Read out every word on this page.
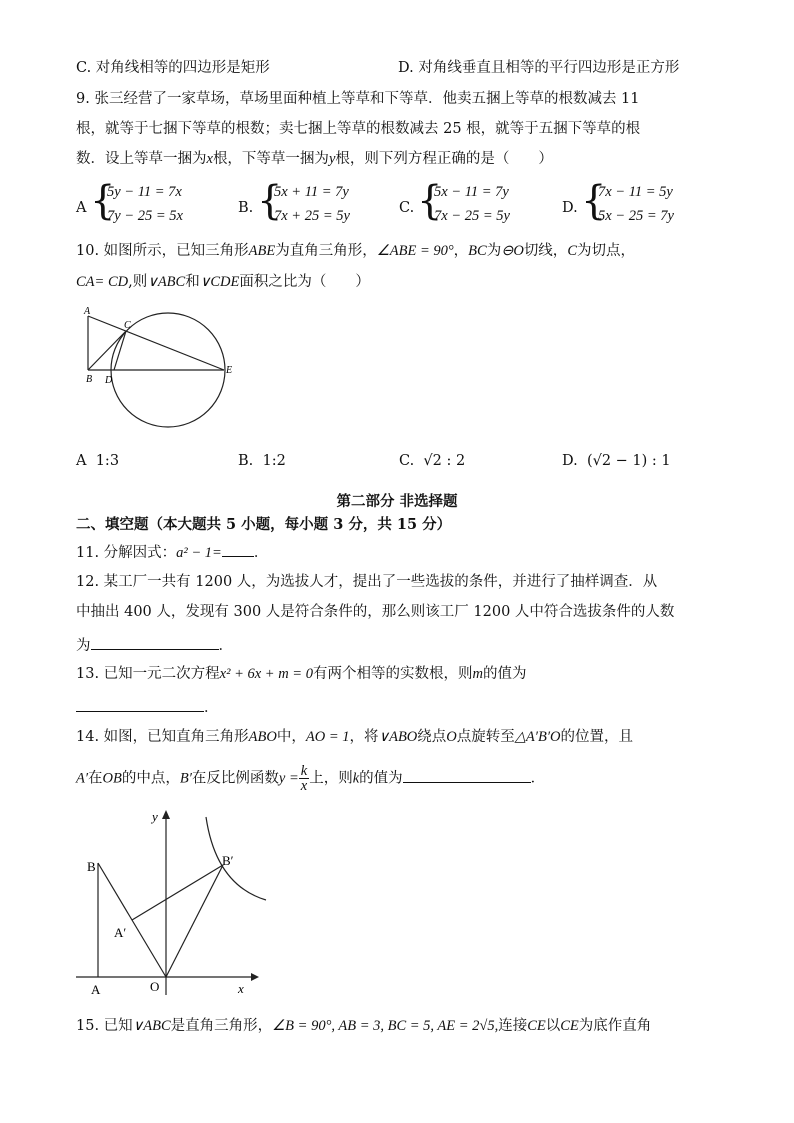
C. 对角线相等的四边形是矩形	D. 对角线垂直且相等的平行四边形是正方形
9. 张三经营了一家草场，草场里面种植上等草和下等草．他卖五捆上等草的根数减去 11
根，就等于七捆下等草的根数；卖七捆上等草的根数减去 25 根，就等于五捆下等草的根
数．设上等草一捆为x根，下等草一捆为y根，则下列方程正确的是（　　）
A {
5y − 11 = 7x
7y − 25 = 5x	B. {
5x + 11 = 7y
7x + 25 = 5y	C. {
5x − 11 = 7y
7x − 25 = 5y	D. {
7x − 11 = 5y
5x − 25 = 7y
10. 如图所示，已知三角形ABE为直角三角形，∠ABE = 90°，BC为⊖O切线，C为切点，
CA= CD,则∨ABC和∨CDE面积之比为（　　）
A
B
C
D
E
A 1:3	B. 1:2	C. √2 : 2	D. (√2 − 1) : 1
第二部分 非选择题
二、填空题（本大题共 5 小题，每小题 3 分，共 15 分）
11. 分解因式：a² − 1= ．
12. 某工厂一共有 1200 人，为选拔人才，提出了一些选拔的条件，并进行了抽样调查．从
中抽出 400 人，发现有 300 人是符合条件的，那么则该工厂 1200 人中符合选拔条件的人数
为	．
13. 已知一元二次方程x² + 6x + m = 0有两个相等的实数根，则m的值为
．
14. 如图，已知直角三角形ABO中，AO = 1，将∨ABO绕点O点旋转至△A′B′O的位置，且
A′在OB的中点，B′在反比例函数$y = \frac{k}{x}$ 上，则k的值为	．
y
x
B	B′
A′
A	O
15. 已知∨ABC是直角三角形，∠B = 90°, AB = 3, BC = 5, AE = 2√5,连接CE以CE为底作直角
